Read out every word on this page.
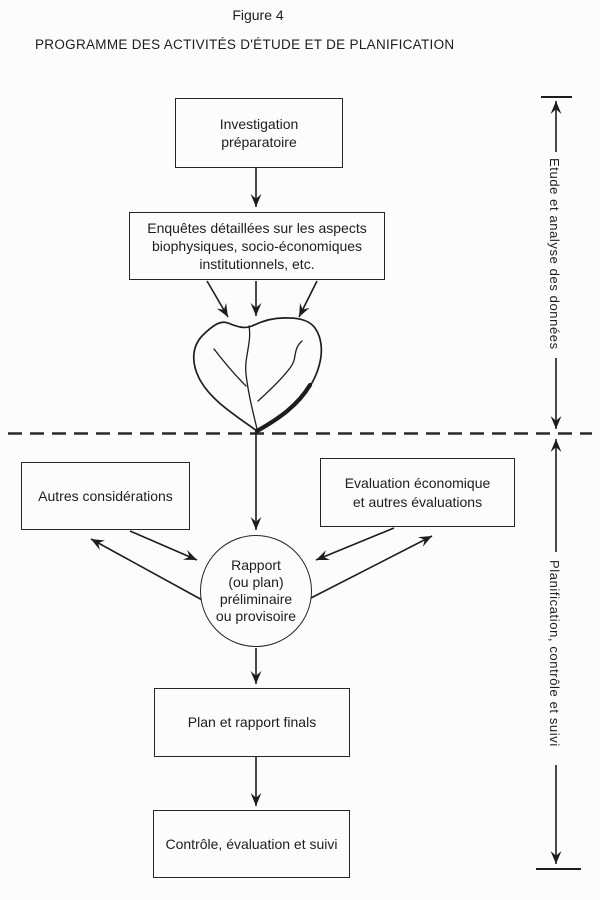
Figure 4
PROGRAMME DES ACTIVITÉS D'ÉTUDE ET DE PLANIFICATION
Investigation
préparatoire
Enquêtes détaillées sur les aspects
biophysiques, socio-économiques
institutionnels, etc.
Autres considérations
Evaluation économique
et autres évaluations
Rapport
(ou plan)
préliminaire
ou provisoire
Plan et rapport finals
Contrôle, évaluation et suivi
Etude et analyse des données
Planification, contrôle et suivi
